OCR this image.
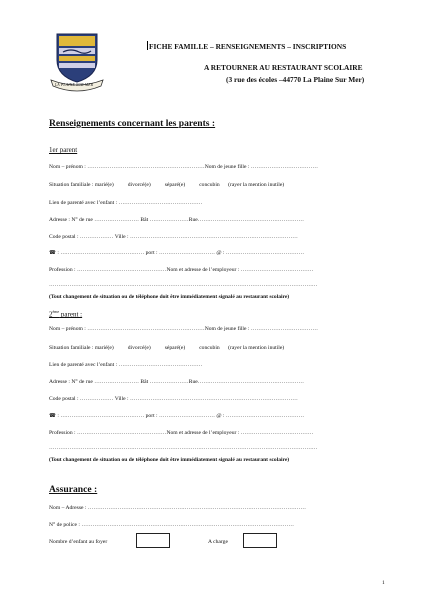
LA PLAINE SUR MER
FICHE FAMILLE – RENSEIGNEMENTS – INSCRIPTIONS
A RETOURNER AU RESTAURANT SCOLAIRE
(3 rue des écoles –44770 La Plaine Sur Mer)
Renseignements concernant les parents :
1er parent
Nom – prénom : ………………………………………………………Nom de jeune fille : ………………………………
Situation familiale : marié(e)          divorcé(e)          séparé(e)          concubin      (rayer la mention inutile)
Lien de parenté avec l’enfant : ………………………………………
Adresse : N° de rue …………………… Bât …………………Rue…………………………………………………
Code postal : ……………… Ville : ………………………………………………………………………………
☎ : ……………………………………… port : ………………………… @ : ……………………………………
Profession : …………………………………………Nom et adresse de l’employeur : …………………………………
………………………………………………………………………………………………………………………………
(Tout changement de situation ou de téléphone doit être immédiatement signalé au restaurant scolaire)
2ème parent :
Nom – prénom : ………………………………………………………Nom de jeune fille : ………………………………
Situation familiale : marié(e)          divorcé(e)          séparé(e)          concubin      (rayer la mention inutile)
Lien de parenté avec l’enfant : ………………………………………
Adresse : N° de rue …………………… Bât …………………Rue…………………………………………………
Code postal : ……………… Ville : ………………………………………………………………………………
☎ : ……………………………………… port : ………………………… @ : ……………………………………
Profession : …………………………………………Nom et adresse de l’employeur : …………………………………
………………………………………………………………………………………………………………………………
(Tout changement de situation ou de téléphone doit être immédiatement signalé au restaurant scolaire)
Assurance :
Nom – Adresse : ………………………………………………………………………………………………………
N° de police : ……………………………………………………………………………………………………
Nombre d’enfant au foyer	A charge
1
